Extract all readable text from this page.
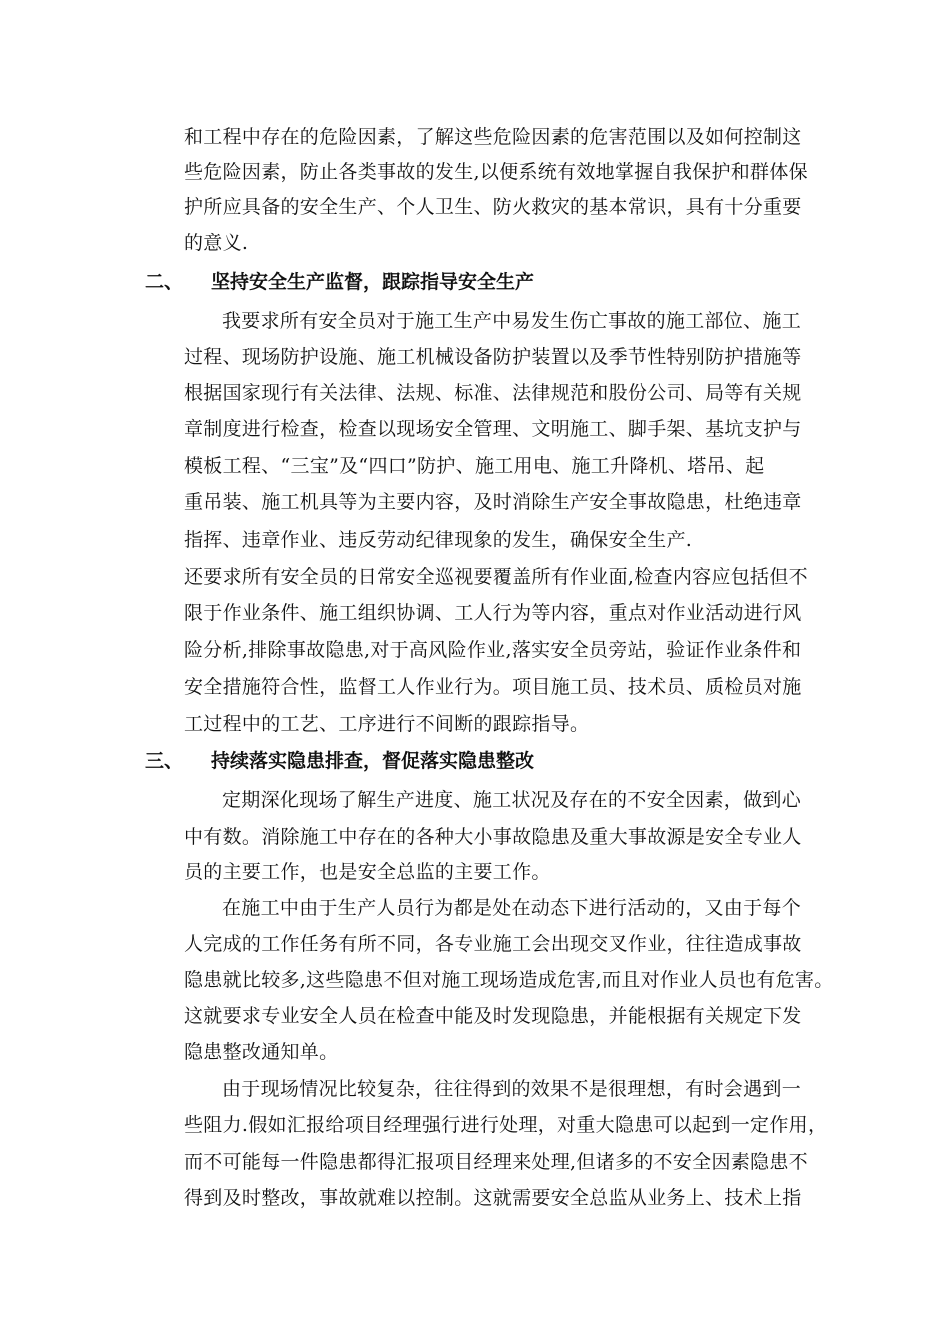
和工程中存在的危险因素，了解这些危险因素的危害范围以及如何控制这
些危险因素，防止各类事故的发生,以便系统有效地掌握自我保护和群体保
护所应具备的安全生产、个人卫生、防火救灾的基本常识，具有十分重要
的意义.
二、 坚持安全生产监督，跟踪指导安全生产
我要求所有安全员对于施工生产中易发生伤亡事故的施工部位、施工
过程、现场防护设施、施工机械设备防护装置以及季节性特别防护措施等
根据国家现行有关法律、法规、标准、法律规范和股份公司、局等有关规
章制度进行检查，检查以现场安全管理、文明施工、脚手架、基坑支护与
模板工程、“三宝”及“四口”防护、施工用电、施工升降机、塔吊、起
重吊装、施工机具等为主要内容，及时消除生产安全事故隐患，杜绝违章
指挥、违章作业、违反劳动纪律现象的发生，确保安全生产.
还要求所有安全员的日常安全巡视要覆盖所有作业面,检查内容应包括但不
限于作业条件、施工组织协调、工人行为等内容，重点对作业活动进行风
险分析,排除事故隐患,对于高风险作业,落实安全员旁站，验证作业条件和
安全措施符合性，监督工人作业行为。项目施工员、技术员、质检员对施
工过程中的工艺、工序进行不间断的跟踪指导。
三、 持续落实隐患排查，督促落实隐患整改
定期深化现场了解生产进度、施工状况及存在的不安全因素，做到心
中有数。消除施工中存在的各种大小事故隐患及重大事故源是安全专业人
员的主要工作，也是安全总监的主要工作。
在施工中由于生产人员行为都是处在动态下进行活动的，又由于每个
人完成的工作任务有所不同，各专业施工会出现交叉作业，往往造成事故
隐患就比较多,这些隐患不但对施工现场造成危害,而且对作业人员也有危害。
这就要求专业安全人员在检查中能及时发现隐患，并能根据有关规定下发
隐患整改通知单。
由于现场情况比较复杂，往往得到的效果不是很理想，有时会遇到一
些阻力.假如汇报给项目经理强行进行处理，对重大隐患可以起到一定作用，
而不可能每一件隐患都得汇报项目经理来处理,但诸多的不安全因素隐患不
得到及时整改，事故就难以控制。这就需要安全总监从业务上、技术上指
